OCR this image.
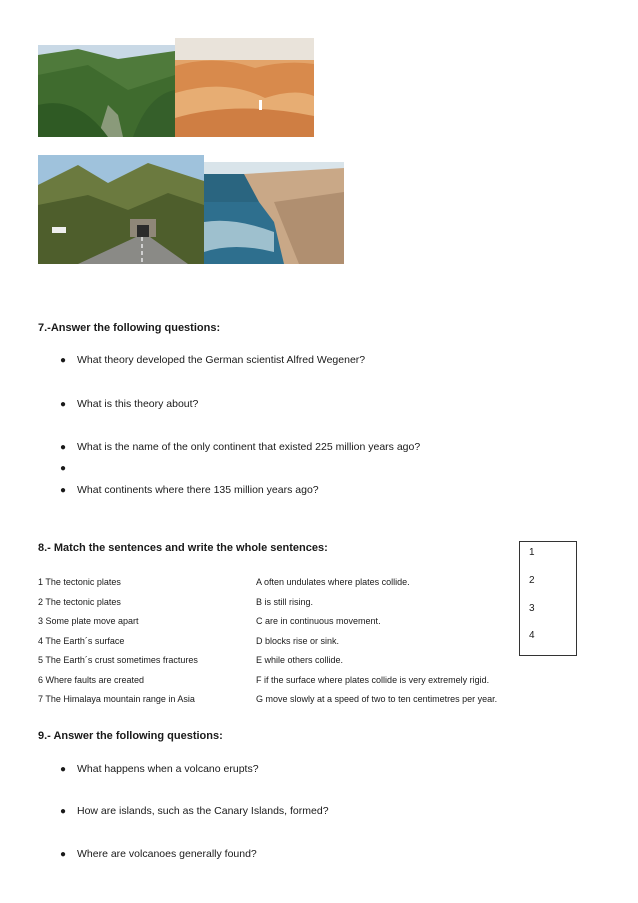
7.-Answer the following questions:
● What theory developed the German scientist Alfred Wegener?
● What is this theory about?
● What is the name of the only continent that existed 225 million years ago?
●
● What continents where there 135 million years ago?
8.- Match the sentences and write the whole sentences:
1 The tectonic plates
2 The tectonic plates
3 Some plate move apart
4 The Earth´s surface
5 The Earth´s crust sometimes fractures
6 Where faults are created
7 The Himalaya mountain range in Asia
A often undulates where plates collide.
B is still rising.
C are in continuous movement.
D blocks rise or sink.
E while others collide.
F if the surface where plates collide is very extremely rigid.
G move slowly at a speed of two to ten centimetres per year.
1
2
3
4
9.- Answer the following questions:
● What happens when a volcano erupts?
● How are islands, such as the Canary Islands, formed?
● Where are volcanoes generally found?
